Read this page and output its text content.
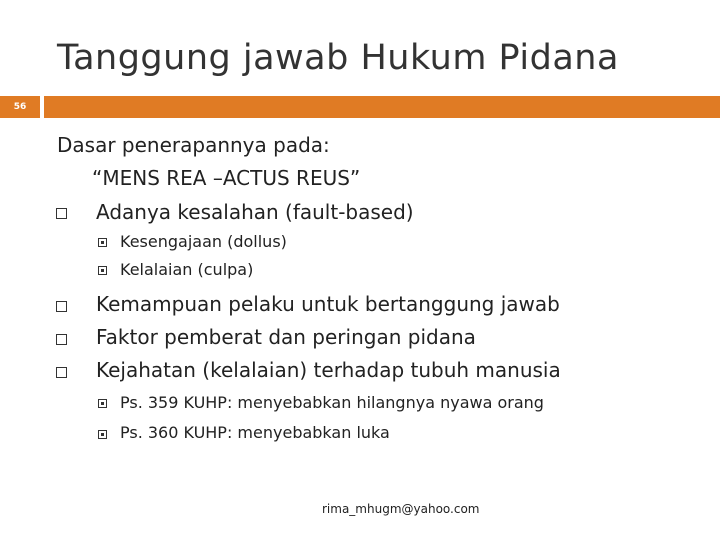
Tanggung jawab Hukum Pidana
56
Dasar penerapannya pada:
“MENS REA –ACTUS REUS”
Adanya kesalahan (fault-based)
Kesengajaan (dollus)
Kelalaian (culpa)
Kemampuan pelaku untuk bertanggung jawab
Faktor pemberat dan peringan pidana
Kejahatan (kelalaian) terhadap tubuh manusia
Ps. 359 KUHP: menyebabkan hilangnya nyawa orang
Ps. 360 KUHP: menyebabkan luka
rima_mhugm@yahoo.com
